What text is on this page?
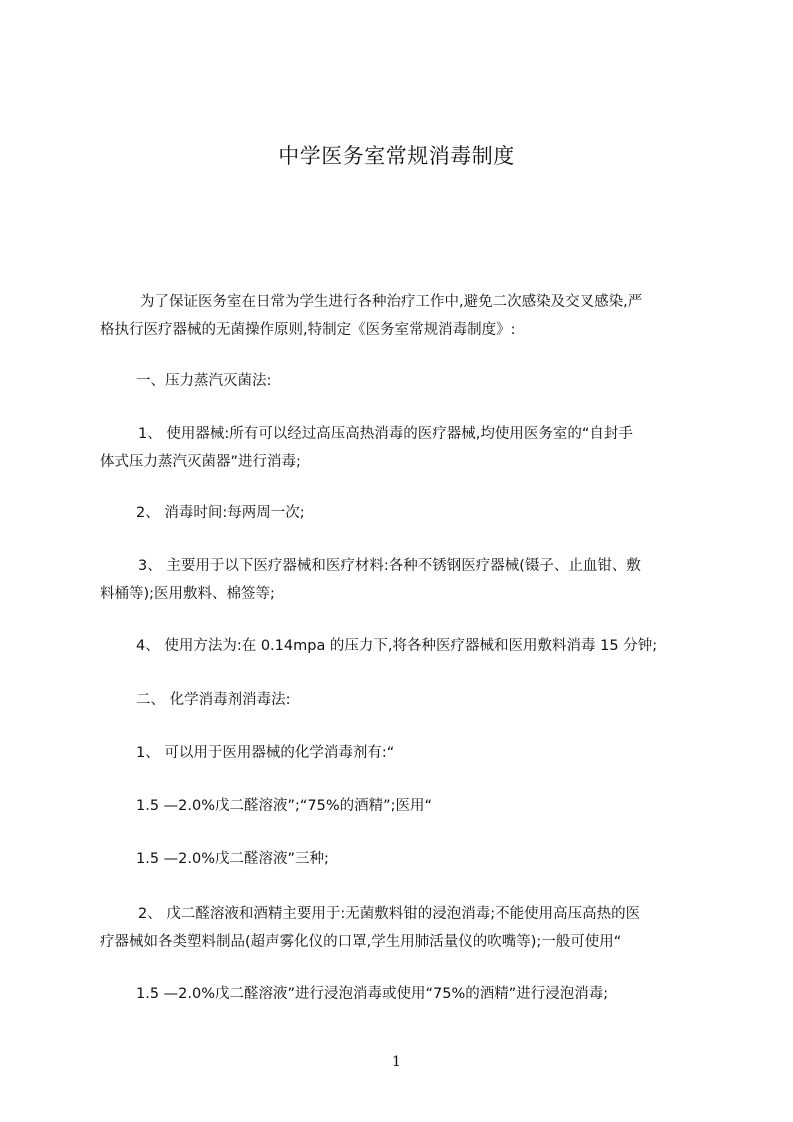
中学医务室常规消毒制度
为了保证医务室在日常为学生进行各种治疗工作中,避免二次感染及交叉感染,严
格执行医疗器械的无菌操作原则,特制定《医务室常规消毒制度》:
一、压力蒸汽灭菌法:
1、 使用器械:所有可以经过高压高热消毒的医疗器械,均使用医务室的“自封手
体式压力蒸汽灭菌器”进行消毒;
2、 消毒时间:每两周一次;
3、 主要用于以下医疗器械和医疗材料:各种不锈钢医疗器械(镊子、止血钳、敷
料桶等);医用敷料、棉签等;
4、 使用方法为:在 0.14mpa 的压力下,将各种医疗器械和医用敷料消毒 15 分钟;
二、 化学消毒剂消毒法:
1、 可以用于医用器械的化学消毒剂有:“
1.5 —2.0%戊二醛溶液”;“75%的酒精”;医用“
1.5 —2.0%戊二醛溶液”三种;
2、 戊二醛溶液和酒精主要用于:无菌敷料钳的浸泡消毒;不能使用高压高热的医
疗器械如各类塑料制品(超声雾化仪的口罩,学生用肺活量仪的吹嘴等);一般可使用“
1.5 —2.0%戊二醛溶液”进行浸泡消毒或使用“75%的酒精”进行浸泡消毒;
1
